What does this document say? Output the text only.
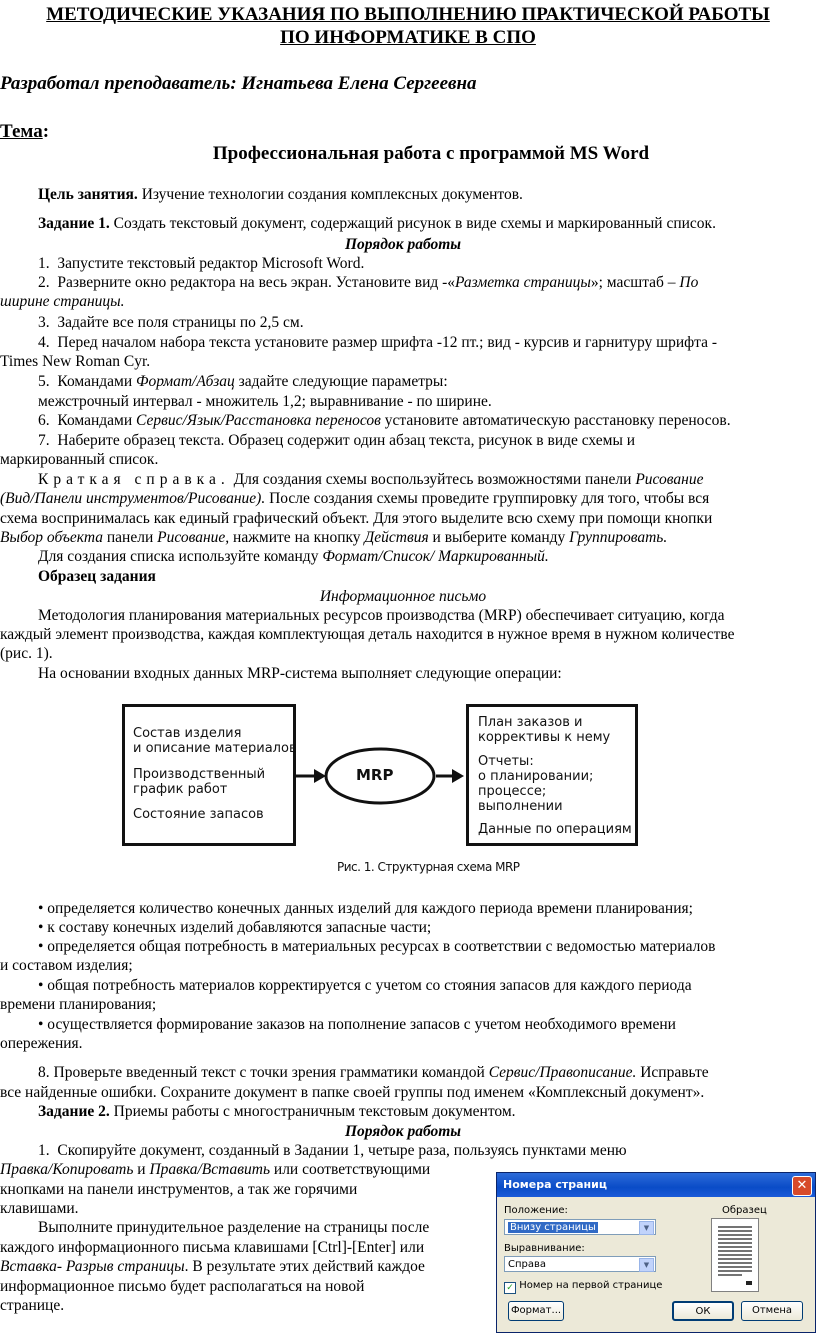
МЕТОДИЧЕСКИЕ УКАЗАНИЯ ПО ВЫПОЛНЕНИЮ ПРАКТИЧЕСКОЙ РАБОТЫ
ПО ИНФОРМАТИКЕ В СПО
Разработал преподаватель: Игнатьева Елена Сергеевна
Тема:
Профессиональная работа с программой MS Word
Цель занятия. Изучение технологии создания комплексных документов.
Задание 1. Создать текстовый документ, содержащий рисунок в виде схемы и маркированный список.
Порядок работы
1. Запустите текстовый редактор Microsoft Word.
2. Разверните окно редактора на весь экран. Установите вид -«Разметка страницы»; масштаб – По
ширине страницы.
3. Задайте все поля страницы по 2,5 см.
4. Перед началом набора текста установите размер шрифта -12 пт.; вид - курсив и гарнитуру шрифта -
Times New Roman Cyr.
5. Командами Формат/Абзац задайте следующие параметры:
межстрочный интервал - множитель 1,2; выравнивание - по ширине.
6. Командами Сервис/Язык/Расстановка переносов установите автоматическую расстановку переносов.
7. Наберите образец текста. Образец содержит один абзац текста, рисунок в виде схемы и
маркированный список.
Краткая справка. Для создания схемы воспользуйтесь возможностями панели Рисование
(Вид/Панели инструментов/Рисование). После создания схемы проведите группировку для того, чтобы вся
схема воспринималась как единый графический объект. Для этого выделите всю схему при помощи кнопки
Выбор объекта панели Рисование, нажмите на кнопку Действия и выберите команду Группировать.
Для создания списка используйте команду Формат/Список/ Маркированный.
Образец задания
Информационное письмо
Методология планирования материальных ресурсов производства (MRP) обеспечивает ситуацию, когда
каждый элемент производства, каждая комплектующая деталь находится в нужное время в нужном количестве
(рис. 1).
На основании входных данных MRP-система выполняет следующие операции:
Состав изделия
и описание материалов
Производственный
график работ
Состояние запасов
MRP
План заказов и
коррективы к нему
Отчеты:
о планировании;
процессе;
выполнении
Данные по операциям
Рис. 1. Структурная схема MRP
• определяется количество конечных данных изделий для каждого периода времени планирования;
• к составу конечных изделий добавляются запасные части;
• определяется общая потребность в материальных ресурсах в соответствии с ведомостью материалов
и составом изделия;
• общая потребность материалов корректируется с учетом со стояния запасов для каждого периода
времени планирования;
• осуществляется формирование заказов на пополнение запасов с учетом необходимого времени
опережения.
8. Проверьте введенный текст с точки зрения грамматики командой Сервис/Правописание. Исправьте
все найденные ошибки. Сохраните документ в папке своей группы под именем «Комплексный документ».
Задание 2. Приемы работы с многостраничным текстовым документом.
Порядок работы
1. Скопируйте документ, созданный в Задании 1, четыре раза, пользуясь пунктами меню
Правка/Копировать и Правка/Вставить или соответствующими
кнопками на панели инструментов, а так же горячими
клавишами.
Выполните принудительное разделение на страницы после
каждого информационного письма клавишами [Ctrl]-[Enter] или
Вставка- Разрыв страницы. В результате этих действий каждое
информационное письмо будет располагаться на новой
странице.
Номера страниц	✕
Положение:
Внизу страницы	▼
Выравнивание:
Справа	▼
✓ Номер на первой странице
Формат...	ОК	Отмена
Образец
